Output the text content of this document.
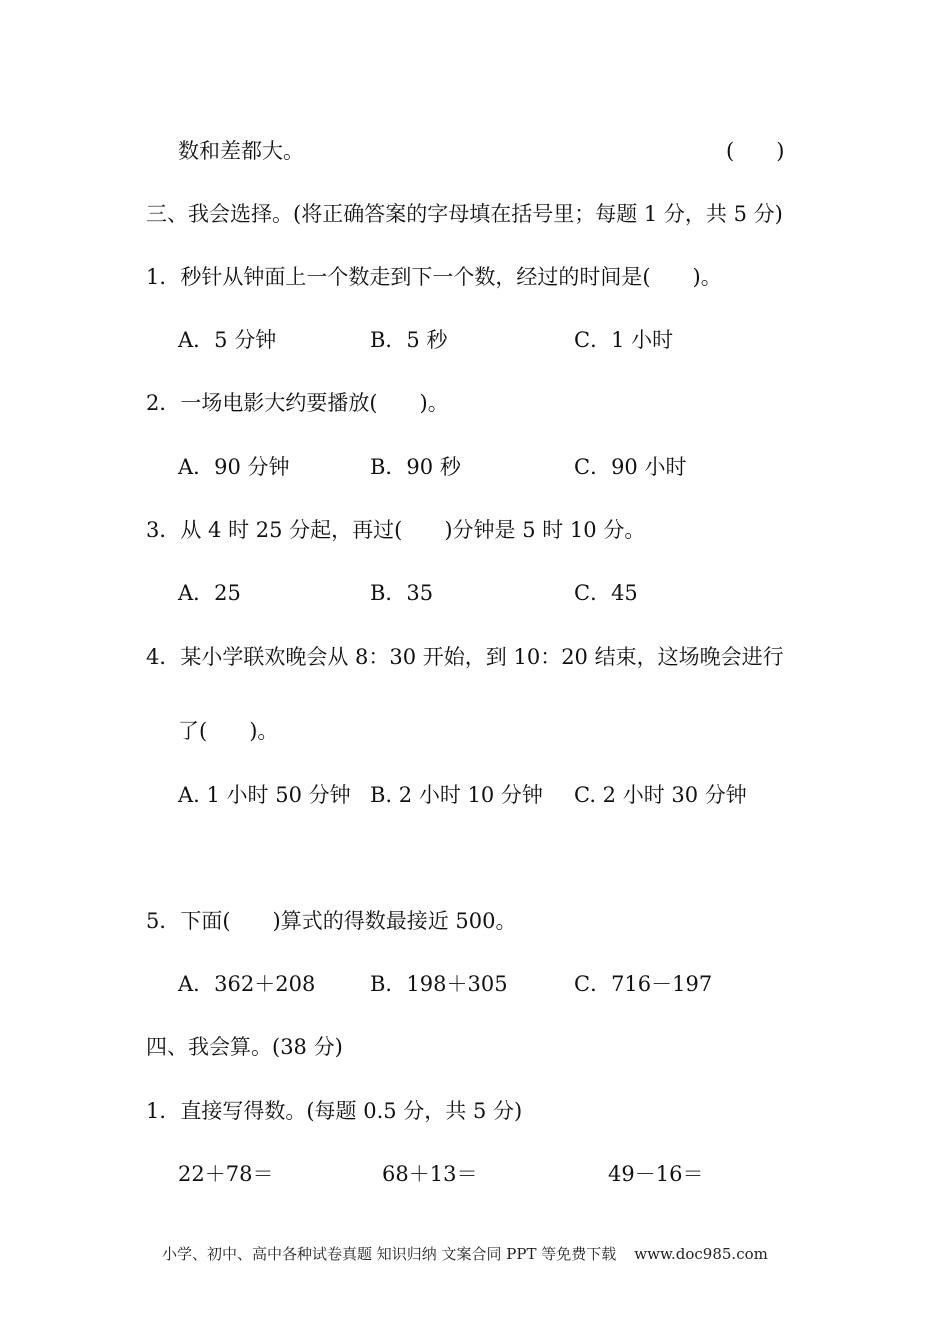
数和差都大。	(　　)
三、我会选择。(将正确答案的字母填在括号里；每题 1 分，共 5 分)
1．秒针从钟面上一个数走到下一个数，经过的时间是(　　)。
A．5 分钟	B．5 秒	C．1 小时
2．一场电影大约要播放(　　)。
A．90 分钟	B．90 秒	C．90 小时
3．从 4 时 25 分起，再过(　　)分钟是 5 时 10 分。
A．25	B．35	C．45
4．某小学联欢晚会从 8：30 开始，到 10：20 结束，这场晚会进行
了(　　)。
A. 1 小时 50 分钟 B. 2 小时 10 分钟 C. 2 小时 30 分钟
5．下面(　　)算式的得数最接近 500。
A．362＋208	B．198＋305	C．716－197
四、我会算。(38 分)
1．直接写得数。(每题 0.5 分，共 5 分)
22＋78＝	68＋13＝	49－16＝
小学、初中、高中各种试卷真题 知识归纳 文案合同 PPT 等免费下载 www.doc985.com
